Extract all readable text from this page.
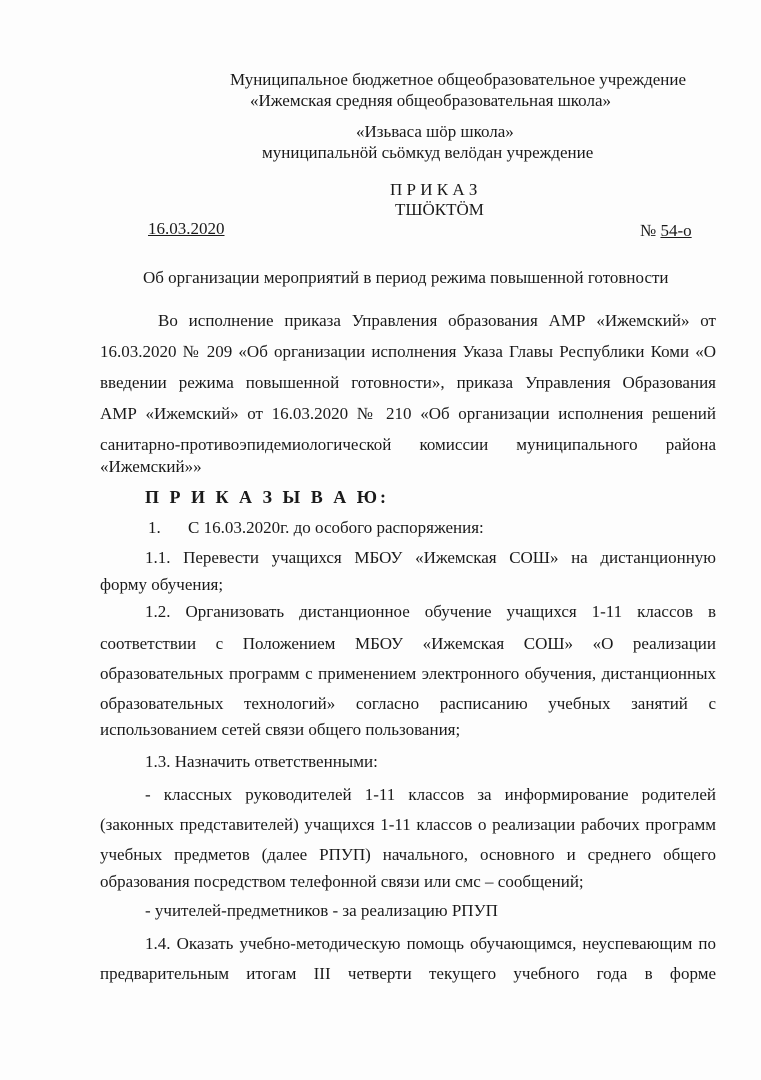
Муниципальное бюджетное общеобразовательное учреждение
«Ижемская средняя общеобразовательная школа»
«Изьваса шӧр школа»
муниципальнӧй сьӧмкуд велӧдан учреждение
П Р И К А З
ТШӦКТӦМ
16.03.2020	№ 54-о
Об организации мероприятий в период режима повышенной готовности
Во исполнение приказа Управления образования АМР «Ижемский» от
16.03.2020 № 209 «Об организации исполнения Указа Главы Республики Коми «О
введении режима повышенной готовности», приказа Управления Образования
АМР «Ижемский» от 16.03.2020 № 210 «Об организации исполнения решений
санитарно-противоэпидемиологической комиссии муниципального района
«Ижемский»»
П Р И К А З Ы В А Ю:
1. С 16.03.2020г. до особого распоряжения:
1.1. Перевести учащихся МБОУ «Ижемская СОШ» на дистанционную
форму обучения;
1.2. Организовать дистанционное обучение учащихся 1-11 классов в
соответствии с Положением МБОУ «Ижемская СОШ» «О реализации
образовательных программ с применением электронного обучения, дистанционных
образовательных технологий» согласно расписанию учебных занятий с
использованием сетей связи общего пользования;
1.3. Назначить ответственными:
- классных руководителей 1-11 классов за информирование родителей
(законных представителей) учащихся 1-11 классов о реализации рабочих программ
учебных предметов (далее РПУП) начального, основного и среднего общего
образования посредством телефонной связи или смс – сообщений;
- учителей-предметников - за реализацию РПУП
1.4. Оказать учебно-методическую помощь обучающимся, неуспевающим по
предварительным итогам III четверти текущего учебного года в форме
